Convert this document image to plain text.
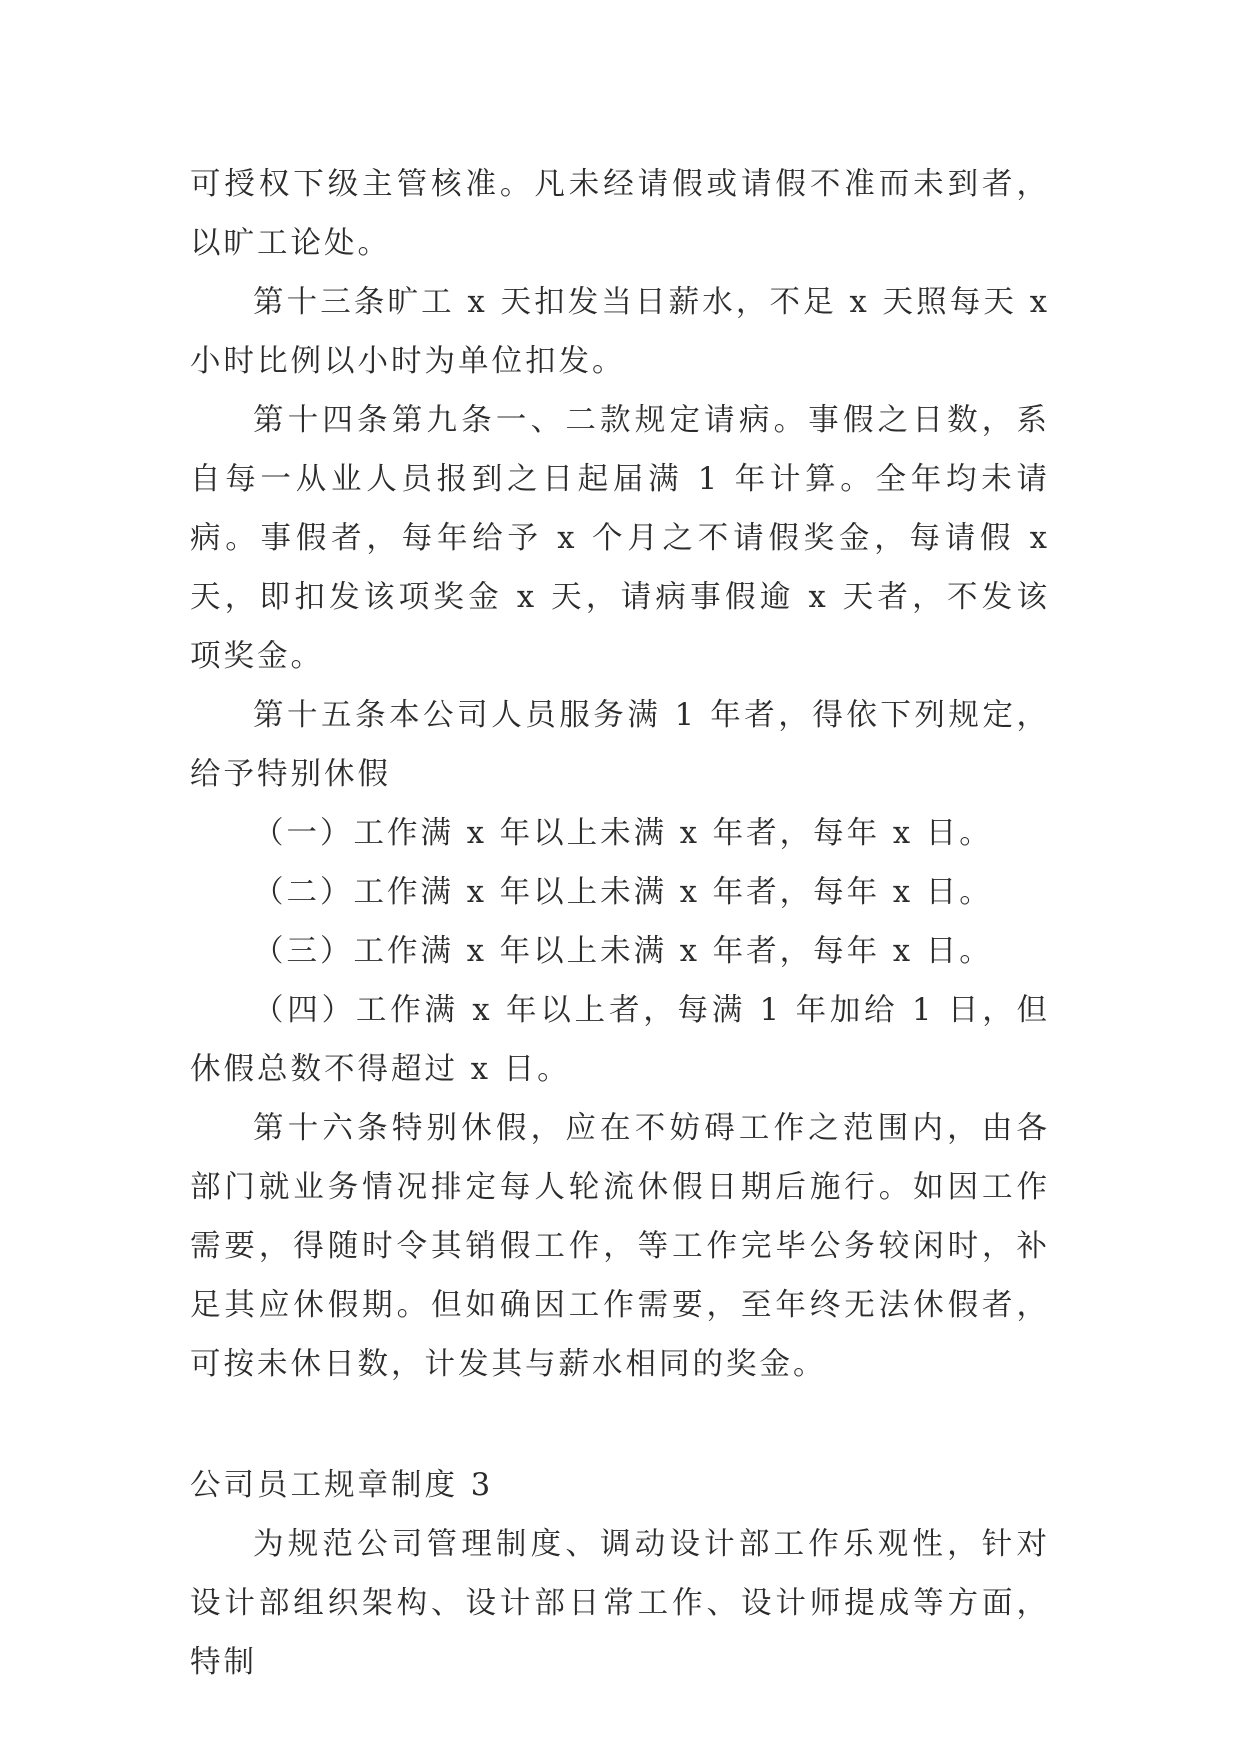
可授权下级主管核准。凡未经请假或请假不准而未到者，以旷工论处。

第十三条旷工 x 天扣发当日薪水，不足 x 天照每天 x 小时比例以小时为单位扣发。

第十四条第九条一、二款规定请病。事假之日数，系自每一从业人员报到之日起届满 1 年计算。全年均未请病。事假者，每年给予 x 个月之不请假奖金，每请假 x 天，即扣发该项奖金 x 天，请病事假逾 x 天者，不发该项奖金。

第十五条本公司人员服务满 1 年者，得依下列规定，给予特别休假

（一）工作满 x 年以上未满 x 年者，每年 x 日。

（二）工作满 x 年以上未满 x 年者，每年 x 日。

（三）工作满 x 年以上未满 x 年者，每年 x 日。

（四）工作满 x 年以上者，每满 1 年加给 1 日，但休假总数不得超过 x 日。

第十六条特别休假，应在不妨碍工作之范围内，由各部门就业务情况排定每人轮流休假日期后施行。如因工作需要，得随时令其销假工作，等工作完毕公务较闲时，补足其应休假期。但如确因工作需要，至年终无法休假者，可按未休日数，计发其与薪水相同的奖金。

公司员工规章制度 3

为规范公司管理制度、调动设计部工作乐观性，针对设计部组织架构、设计部日常工作、设计师提成等方面，特制
